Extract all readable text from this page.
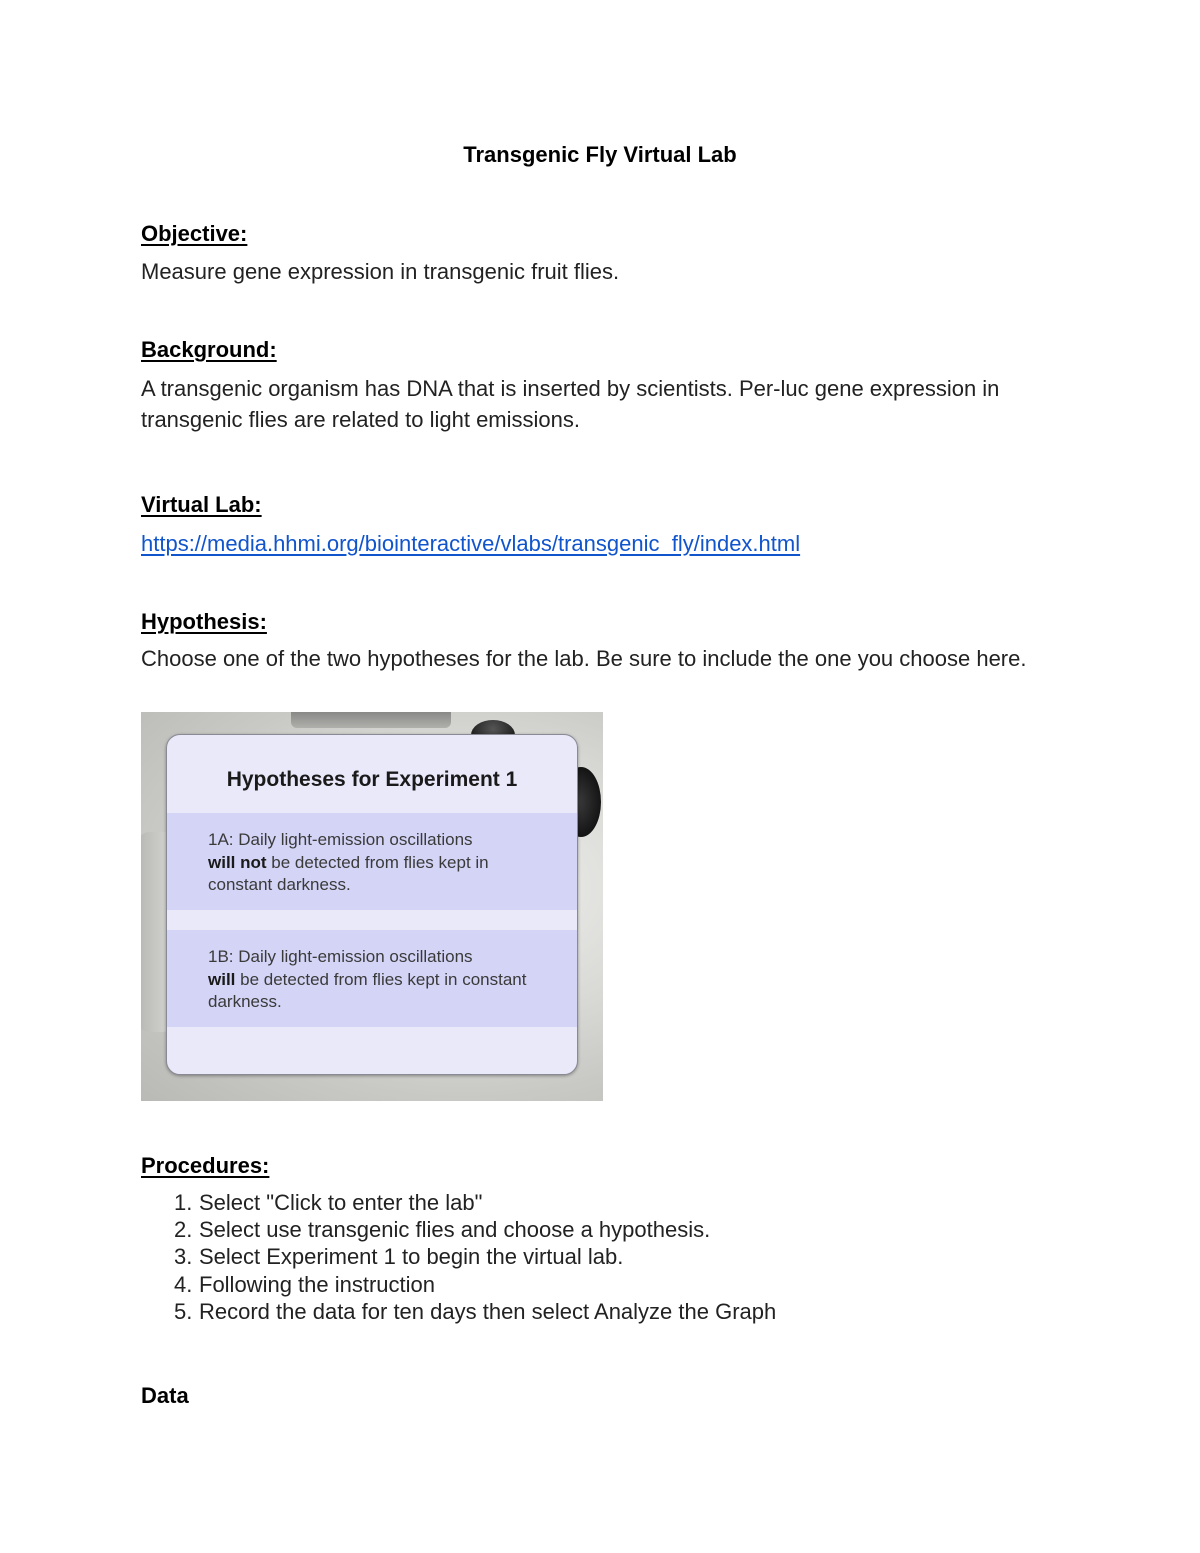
Transgenic Fly Virtual Lab
Objective:
Measure gene expression in transgenic fruit flies.
Background:
A transgenic organism has DNA that is inserted by scientists. Per-luc gene expression in transgenic flies are related to light emissions.
Virtual Lab:
https://media.hhmi.org/biointeractive/vlabs/transgenic_fly/index.html
Hypothesis:
Choose one of the two hypotheses for the lab. Be sure to include the one you choose here.
Hypotheses for Experiment 1
1A: Daily light-emission oscillations
will not be detected from flies kept in constant darkness.
1B: Daily light-emission oscillations
will be detected from flies kept in constant darkness.
Procedures:
1. Select "Click to enter the lab"
2. Select use transgenic flies and choose a hypothesis.
3. Select Experiment 1 to begin the virtual lab.
4. Following the instruction
5. Record the data for ten days then select Analyze the Graph
Data
